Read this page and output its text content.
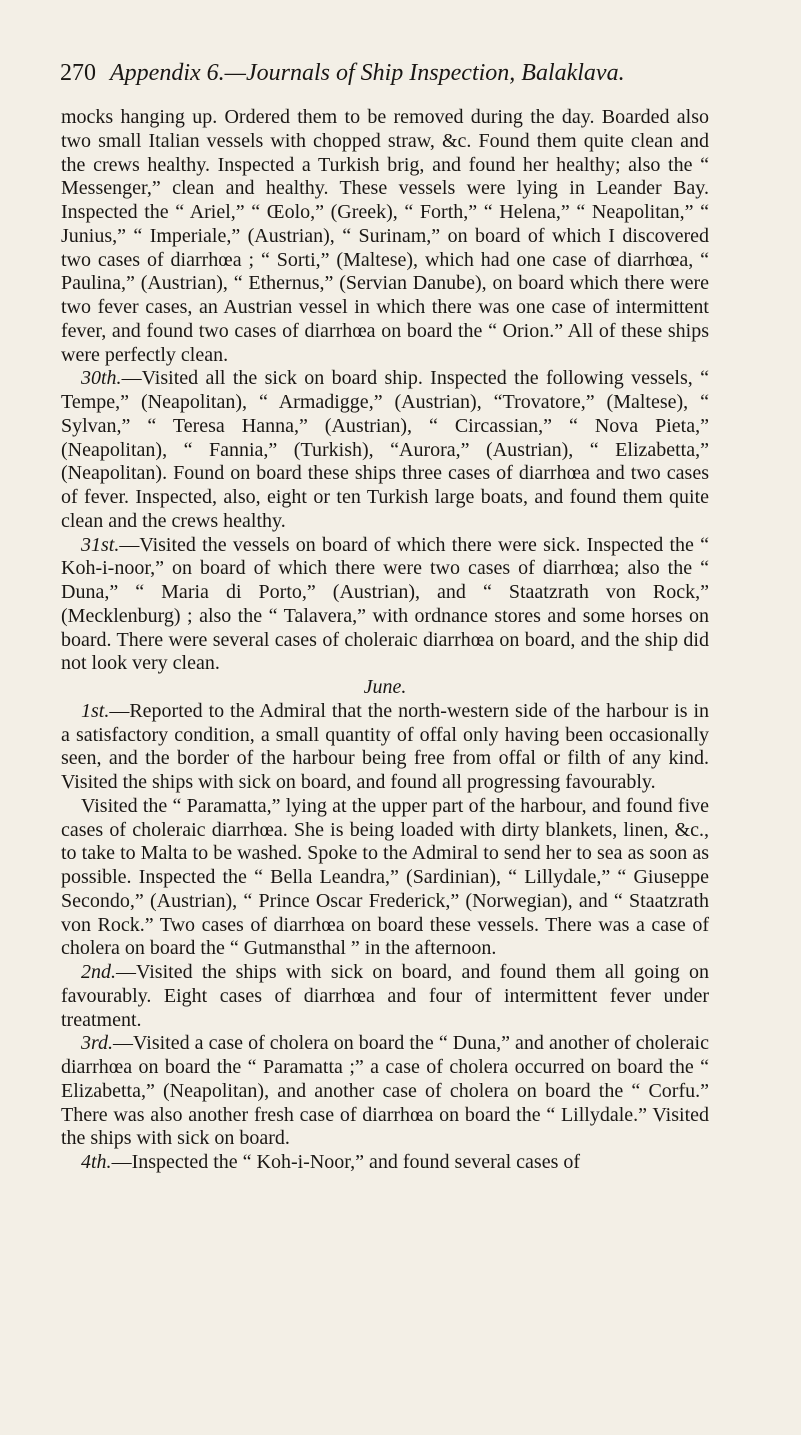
270 Appendix 6.—Journals of Ship Inspection, Balaklava.

mocks hanging up. Ordered them to be removed during the day. Boarded also two small Italian vessels with chopped straw, &c. Found them quite clean and the crews healthy. Inspected a Turkish brig, and found her healthy; also the “ Messenger,” clean and healthy. These vessels were lying in Leander Bay. Inspected the “ Ariel,” “ Œolo,” (Greek), “ Forth,” “ Helena,” “ Neapolitan,” “ Junius,” “ Imperiale,” (Austrian), “ Surinam,” on board of which I discovered two cases of diarrhœa ; “ Sorti,” (Maltese), which had one case of diarrhœa, “ Paulina,” (Austrian), “ Ethernus,” (Servian Danube), on board which there were two fever cases, an Austrian vessel in which there was one case of intermittent fever, and found two cases of diarrhœa on board the “ Orion.” All of these ships were perfectly clean.

30th.—Visited all the sick on board ship. Inspected the following vessels, “ Tempe,” (Neapolitan), “ Armadigge,” (Austrian), “Trovatore,” (Maltese), “ Sylvan,” “ Teresa Hanna,” (Austrian), “ Circassian,” “ Nova Pieta,” (Neapolitan), “ Fannia,” (Turkish), “Aurora,” (Austrian), “ Elizabetta,” (Neapolitan). Found on board these ships three cases of diarrhœa and two cases of fever. Inspected, also, eight or ten Turkish large boats, and found them quite clean and the crews healthy.

31st.—Visited the vessels on board of which there were sick. Inspected the “ Koh-i-noor,” on board of which there were two cases of diarrhœa; also the “ Duna,” “ Maria di Porto,” (Austrian), and “ Staatzrath von Rock,” (Mecklenburg) ; also the “ Talavera,” with ordnance stores and some horses on board. There were several cases of choleraic diarrhœa on board, and the ship did not look very clean.

June.

1st.—Reported to the Admiral that the north-western side of the harbour is in a satisfactory condition, a small quantity of offal only having been occasionally seen, and the border of the harbour being free from offal or filth of any kind. Visited the ships with sick on board, and found all progressing favourably.

Visited the “ Paramatta,” lying at the upper part of the harbour, and found five cases of choleraic diarrhœa. She is being loaded with dirty blankets, linen, &c., to take to Malta to be washed. Spoke to the Admiral to send her to sea as soon as possible. Inspected the “ Bella Leandra,” (Sardinian), “ Lillydale,” “ Giuseppe Secondo,” (Austrian), “ Prince Oscar Frederick,” (Norwegian), and “ Staatzrath von Rock.” Two cases of diarrhœa on board these vessels. There was a case of cholera on board the “ Gutmansthal ” in the afternoon.

2nd.—Visited the ships with sick on board, and found them all going on favourably. Eight cases of diarrhœa and four of intermittent fever under treatment.

3rd.—Visited a case of cholera on board the “ Duna,” and another of choleraic diarrhœa on board the “ Paramatta ;” a case of cholera occurred on board the “ Elizabetta,” (Neapolitan), and another case of cholera on board the “ Corfu.” There was also another fresh case of diarrhœa on board the “ Lillydale.” Visited the ships with sick on board.

4th.—Inspected the “ Koh-i-Noor,” and found several cases of
